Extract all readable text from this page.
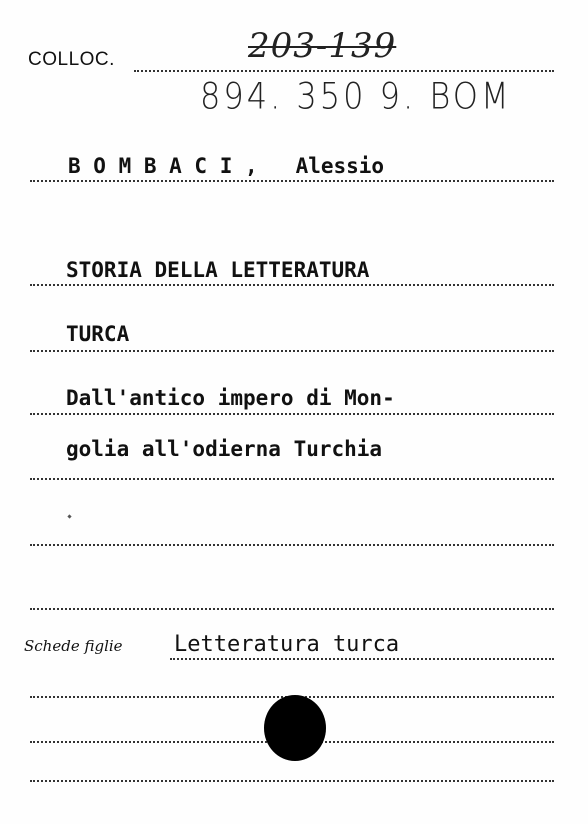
COLLOC.	203-139
894. 350 9. BOM
B O M B A C I ,   Alessio
STORIA DELLA LETTERATURA
TURCA
Dall'antico impero di Mon-
golia all'odierna Turchia
Schede figlie Letteratura turca
